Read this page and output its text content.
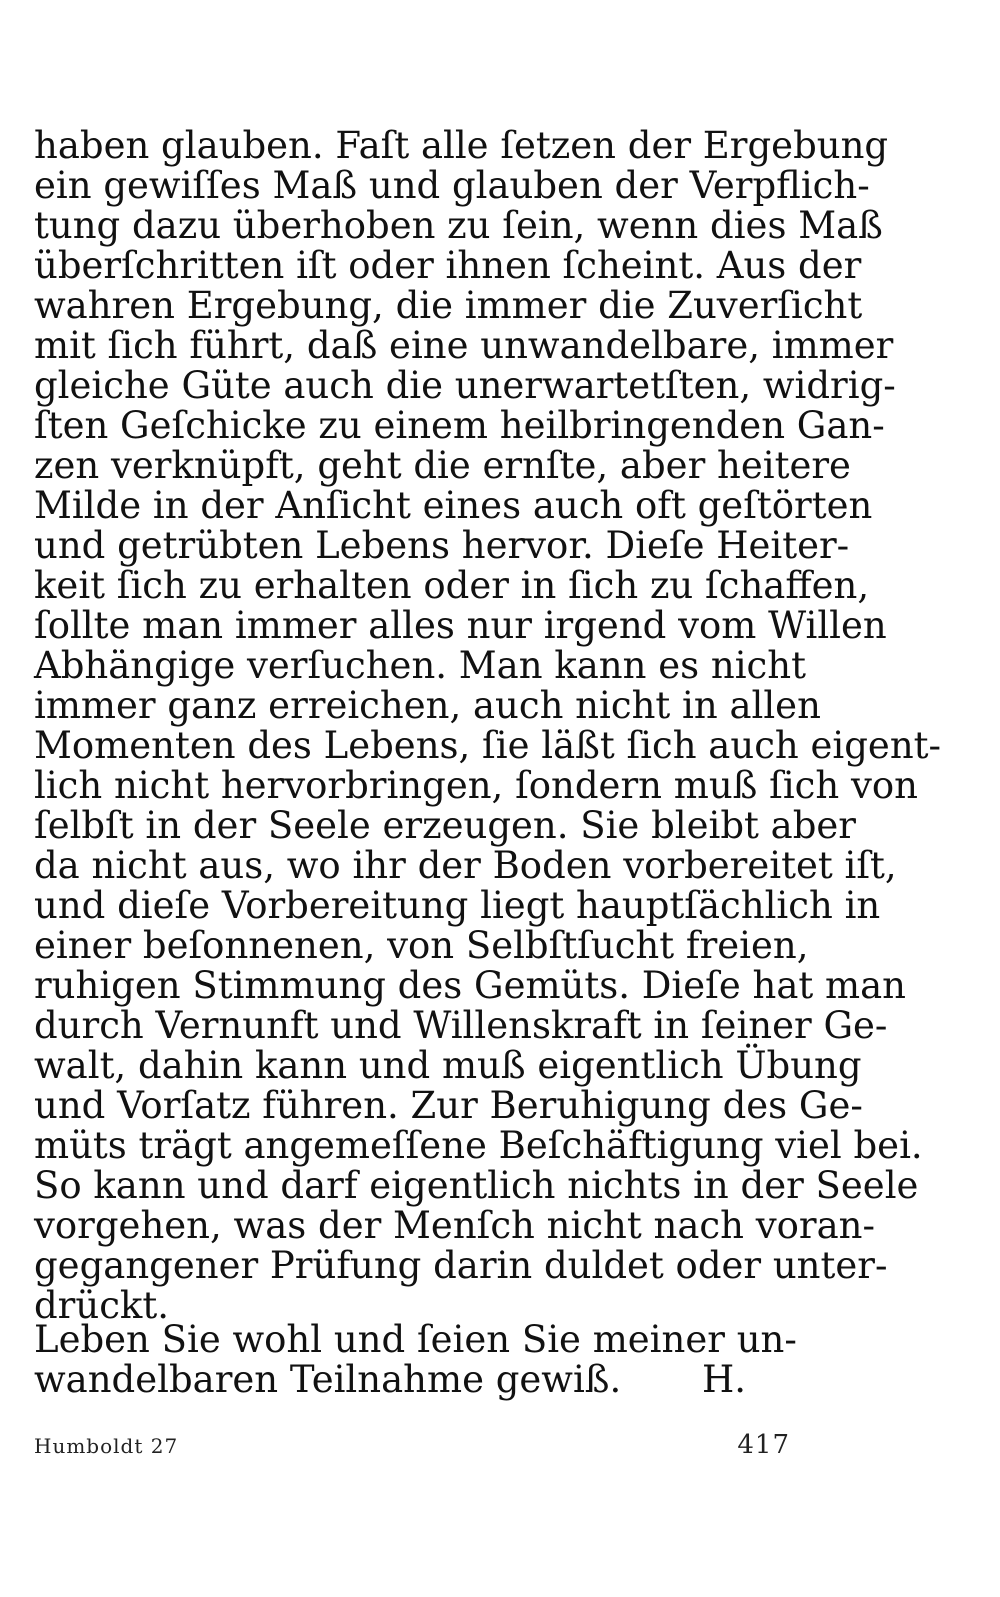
haben glauben. Faſt alle ſetzen der Ergebung
ein gewiſſes Maß und glauben der Verpflich-
tung dazu überhoben zu ſein, wenn dies Maß
überſchritten iſt oder ihnen ſcheint. Aus der
wahren Ergebung, die immer die Zuverſicht
mit ſich führt, daß eine unwandelbare, immer
gleiche Güte auch die unerwartetſten, widrig-
ſten Geſchicke zu einem heilbringenden Gan-
zen verknüpft, geht die ernſte, aber heitere
Milde in der Anſicht eines auch oft geſtörten
und getrübten Lebens hervor. Dieſe Heiter-
keit ſich zu erhalten oder in ſich zu ſchaffen,
ſollte man immer alles nur irgend vom Willen
Abhängige verſuchen. Man kann es nicht
immer ganz erreichen, auch nicht in allen
Momenten des Lebens, ſie läßt ſich auch eigent-
lich nicht hervorbringen, ſondern muß ſich von
ſelbſt in der Seele erzeugen. Sie bleibt aber
da nicht aus, wo ihr der Boden vorbereitet iſt,
und dieſe Vorbereitung liegt hauptſächlich in
einer beſonnenen, von Selbſtſucht freien,
ruhigen Stimmung des Gemüts. Dieſe hat man
durch Vernunft und Willenskraft in ſeiner Ge-
walt, dahin kann und muß eigentlich Übung
und Vorſatz führen. Zur Beruhigung des Ge-
müts trägt angemeſſene Beſchäftigung viel bei.
So kann und darf eigentlich nichts in der Seele
vorgehen, was der Menſch nicht nach voran-
gegangener Prüfung darin duldet oder unter-
drückt.
Leben Sie wohl und ſeien Sie meiner un-
wandelbaren Teilnahme gewiß. H.
Humboldt 27	417
